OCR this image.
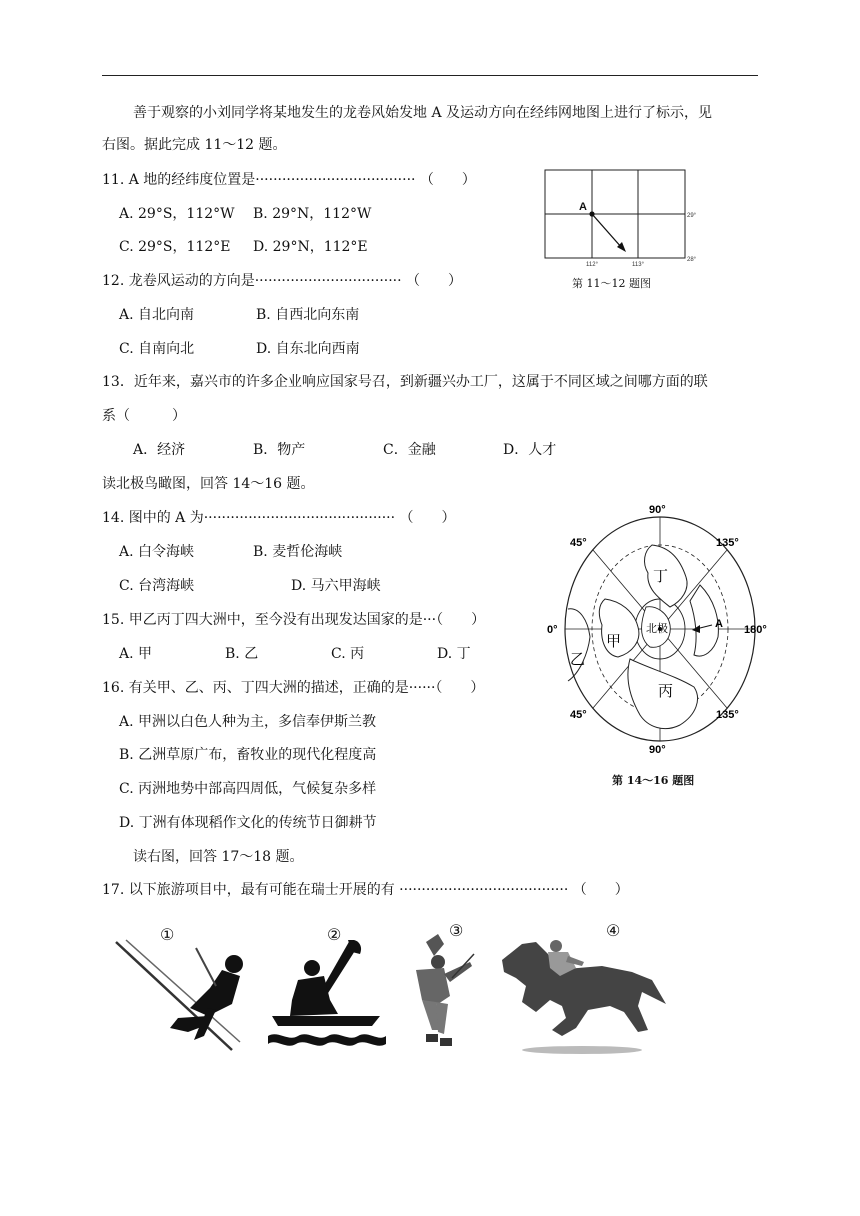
善于观察的小刘同学将某地发生的龙卷风始发地 A 及运动方向在经纬网地图上进行了标示，见
右图。据此完成 11～12 题。
11. A 地的经纬度位置是···································· （　　）
A. 29°S，112°W B. 29°N，112°W
C. 29°S，112°E D. 29°N，112°E
12. 龙卷风运动的方向是································· （　　）
A. 自北向南	B. 自西北向东南
C. 自南向北	D. 自东北向西南
A
29°
28°
112°	113°
第 11～12 题图
13．近年来，嘉兴市的许多企业响应国家号召，到新疆兴办工厂，这属于不同区域之间哪方面的联
系（　　　）
A．经济	B．物产	C．金融	D．人才
读北极鸟瞰图，回答 14～16 题。
14. 图中的 A 为··········································· （　　）
A. 白令海峡	B. 麦哲伦海峡
C. 台湾海峡	D. 马六甲海峡
15. 甲乙丙丁四大洲中，至今没有出现发达国家的是···（　　）
A. 甲	B. 乙	C. 丙	D. 丁
16. 有关甲、乙、丙、丁四大洲的描述，正确的是······（　　）
A. 甲洲以白色人种为主，多信奉伊斯兰教
B. 乙洲草原广布，畜牧业的现代化程度高
C. 丙洲地势中部高四周低，气候复杂多样
D. 丁洲有体现稻作文化的传统节日御耕节
90°
90°
0°	180°
45°	135°
45°	135°
丁
甲
乙
丙
北极	A
第 14～16 题图
读右图，回答 17～18 题。
17. 以下旅游项目中，最有可能在瑞士开展的有 ······································ （　　）
①	②	③	④
